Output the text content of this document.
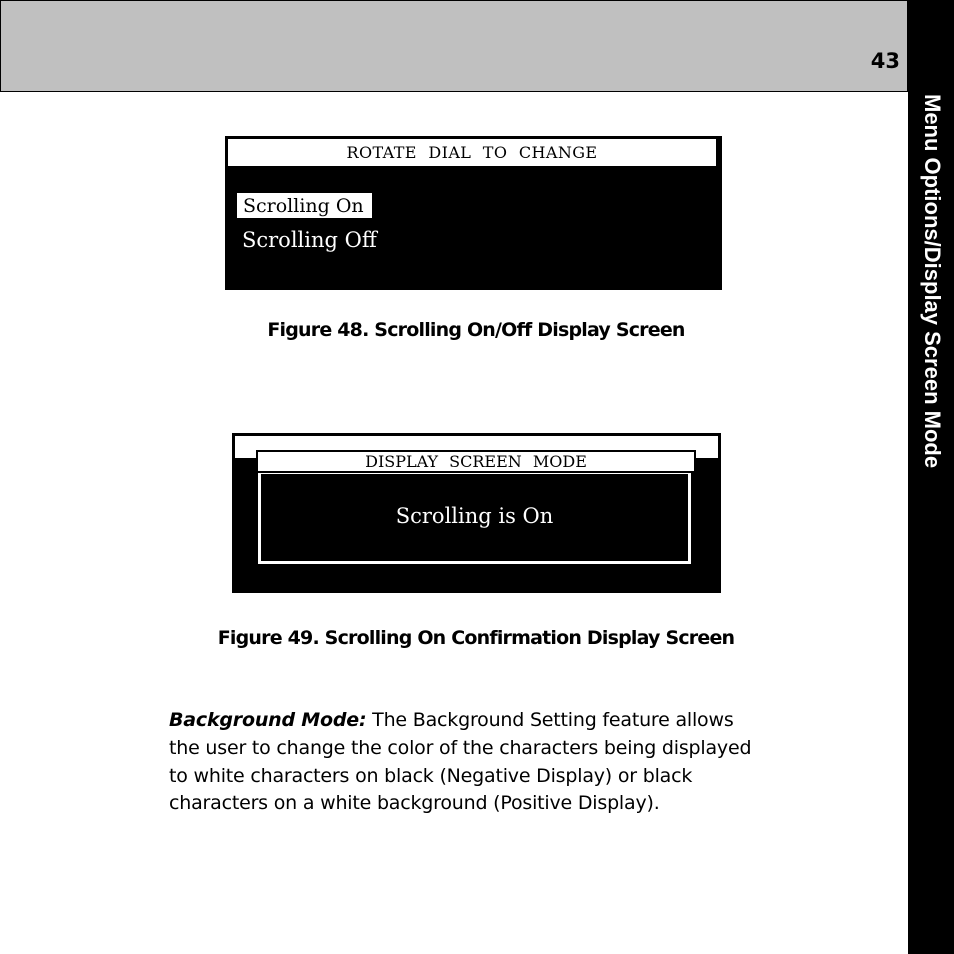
43
Menu Options/Display Screen Mode
ROTATE DIAL TO CHANGE
Scrolling On
Scrolling Off
Figure 48. Scrolling On/Off Display Screen
DISPLAY SCREEN MODE
Scrolling is On
Figure 49. Scrolling On Confirmation Display Screen
Background Mode: The Background Setting feature allows
the user to change the color of the characters being displayed
to white characters on black (Negative Display) or black
characters on a white background (Positive Display).
